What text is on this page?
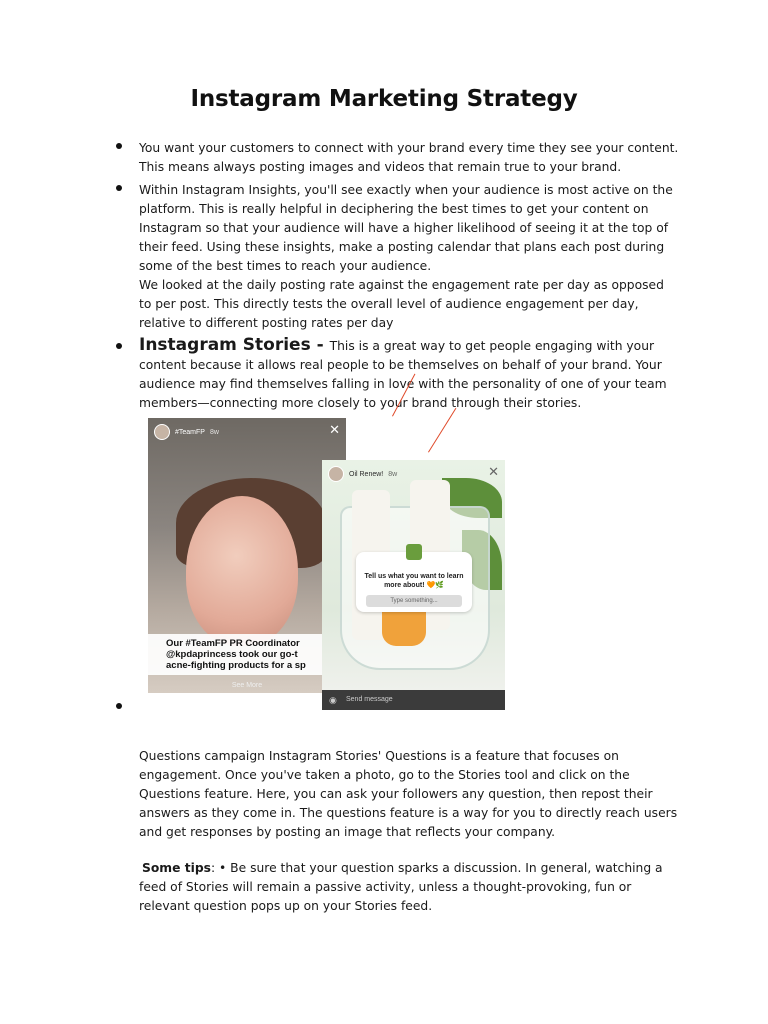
Instagram Marketing Strategy

You want your customers to connect with your brand every time they see your content. This means always posting images and videos that remain true to your brand.

Within Instagram Insights, you'll see exactly when your audience is most active on the platform. This is really helpful in deciphering the best times to get your content on Instagram so that your audience will have a higher likelihood of seeing it at the top of their feed. Using these insights, make a posting calendar that plans each post during some of the best times to reach your audience.

We looked at the daily posting rate against the engagement rate per day as opposed to per post. This directly tests the overall level of audience engagement per day, relative to different posting rates per day

Instagram Stories - This is a great way to get people engaging with your content because it allows real people to be themselves on behalf of your brand. Your audience may find themselves falling in love with the personality of one of your team members—connecting more closely to your brand through their stories.

#TeamFP 8w	✕
Our #TeamFP PR Coordinator
@kpdaprincess took our go-t
acne-fighting products for a sp
See More
Oil Renew! 8w	✕
Tell us what you want to learn more about! 🧡🌿
Type something...
◉ Send message

Questions campaign Instagram Stories' Questions is a feature that focuses on engagement. Once you've taken a photo, go to the Stories tool and click on the Questions feature. Here, you can ask your followers any question, then repost their answers as they come in. The questions feature is a way for you to directly reach users and get responses by posting an image that reflects your company.

Some tips: • Be sure that your question sparks a discussion. In general, watching a feed of Stories will remain a passive activity, unless a thought-provoking, fun or relevant question pops up on your Stories feed.
